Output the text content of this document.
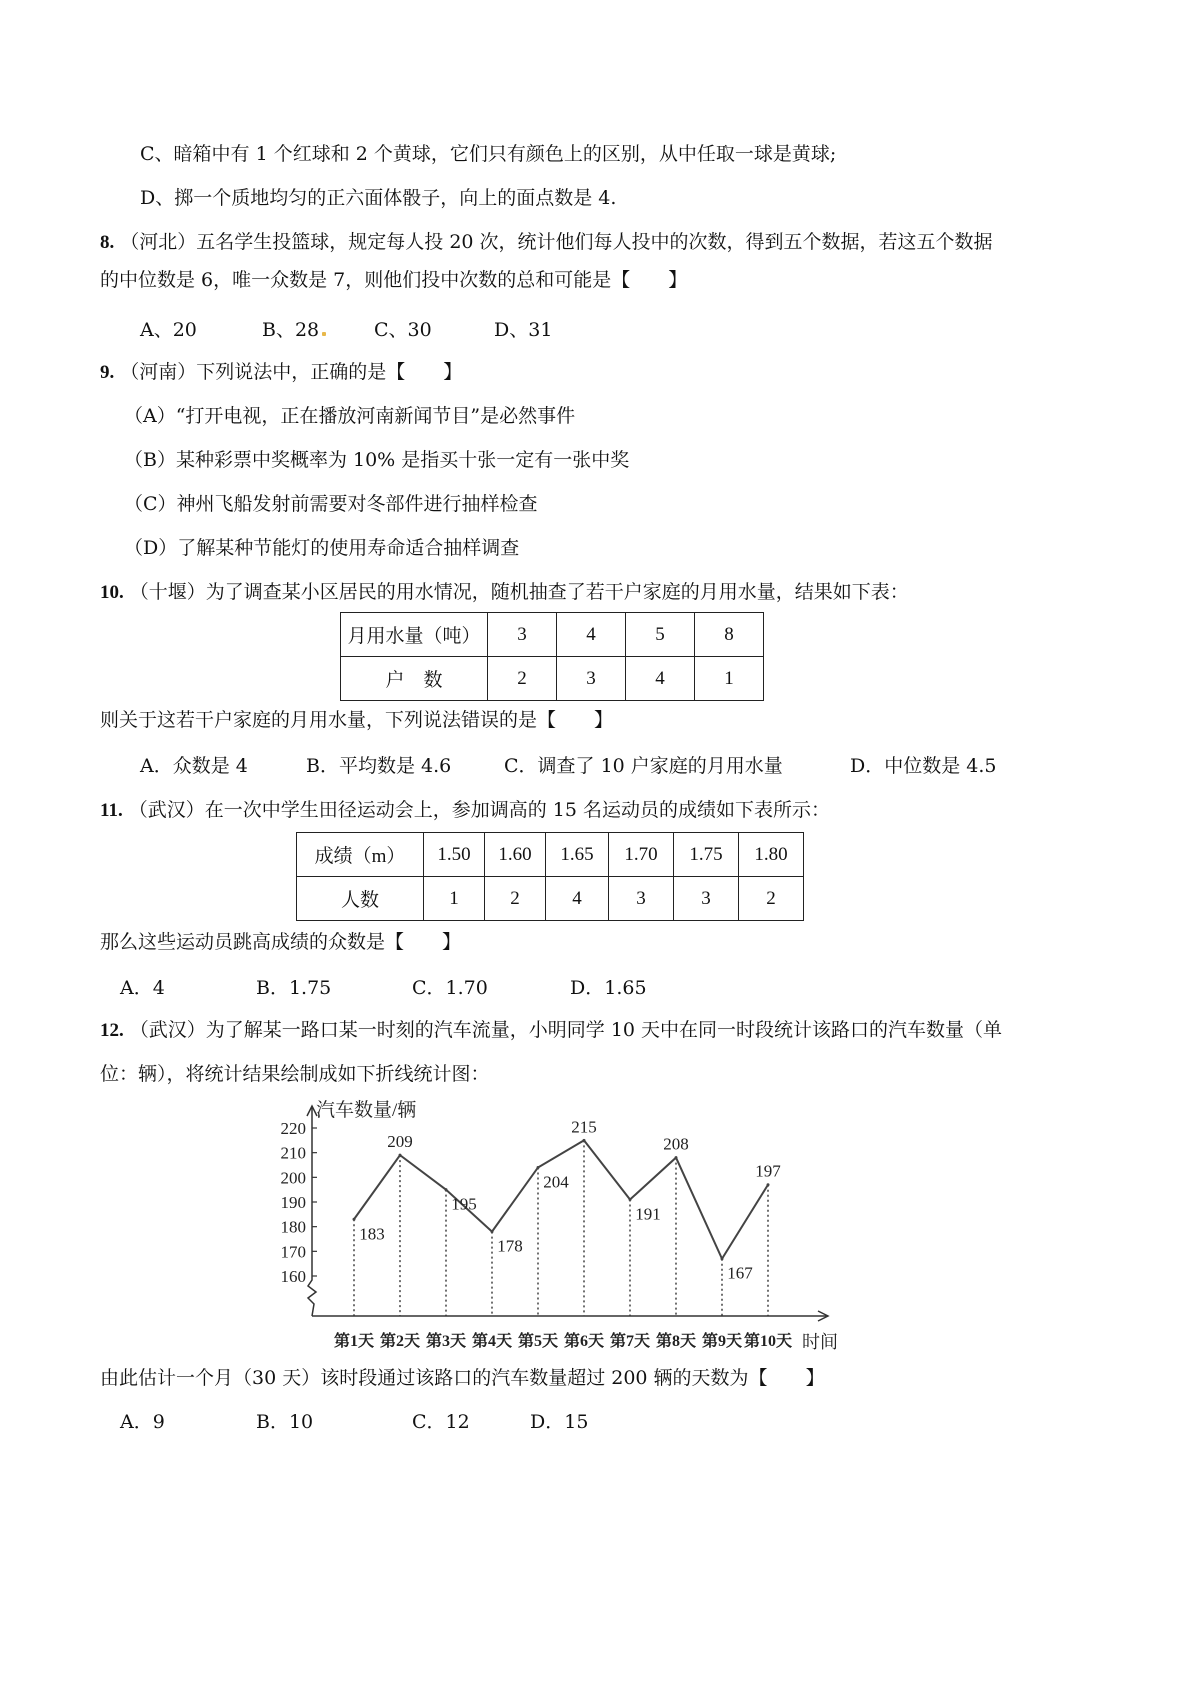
C、暗箱中有 1 个红球和 2 个黄球，它们只有颜色上的区别，从中任取一球是黄球;
D、掷一个质地均匀的正六面体骰子，向上的面点数是 4.
8. （河北）五名学生投篮球，规定每人投 20 次，统计他们每人投中的次数，得到五个数据，若这五个数据
的中位数是 6，唯一众数是 7，则他们投中次数的总和可能是【　　】
A、20	B、28	C、30	D、31
9. （河南）下列说法中，正确的是【　　】
（A）“打开电视，正在播放河南新闻节目”是必然事件
（B）某种彩票中奖概率为 10% 是指买十张一定有一张中奖
（C）神州飞船发射前需要对冬部件进行抽样检查
（D）了解某种节能灯的使用寿命适合抽样调查
10. （十堰）为了调查某小区居民的用水情况，随机抽查了若干户家庭的月用水量，结果如下表：
月用水量（吨）	3	4	5	8
户　数	2	3	4	1
则关于这若干户家庭的月用水量，下列说法错误的是【　　】
A．众数是 4	B．平均数是 4.6	C．调查了 10 户家庭的月用水量	D．中位数是 4.5
11. （武汉）在一次中学生田径运动会上，参加调高的 15 名运动员的成绩如下表所示：
成绩（m）	1.50	1.60	1.65	1.70	1.75	1.80
人数	1	2	4	3	3	2
那么这些运动员跳高成绩的众数是【　　】
A．4	B．1.75	C．1.70	D．1.65
12. （武汉）为了解某一路口某一时刻的汽车流量，小明同学 10 天中在同一时段统计该路口的汽车数量（单
位：辆），将统计结果绘制成如下折线统计图：
160
170
180
190
200
210
220
第1天 第2天 第3天 第4天 第5天 第6天 第7天 第8天 第9天 第10天
183
209
195
178
204
215
191
208
167
197
汽车数量/辆
时间
由此估计一个月（30 天）该时段通过该路口的汽车数量超过 200 辆的天数为【　　】
A．9	B．10	C．12	D．15
